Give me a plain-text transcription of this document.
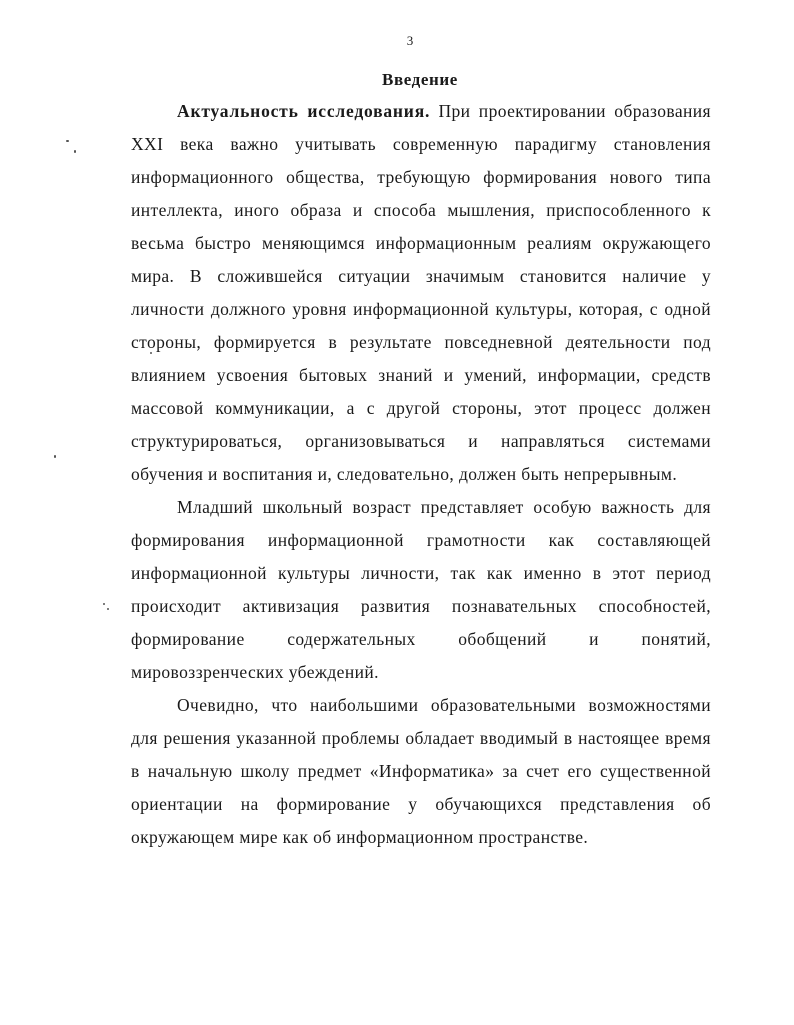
3
Введение

Актуальность исследования. При проектировании образования XXI века важно учитывать современную парадигму становления информационного общества, требующую формирования нового типа интеллекта, иного образа и способа мышления, приспособленного к весьма быстро меняющимся информационным реалиям окружающего мира. В сложившейся ситуации значимым становится наличие у личности должного уровня информационной культуры, которая, с одной стороны, формируется в результате повседневной деятельности под влиянием усвоения бытовых знаний и умений, информации, средств массовой коммуникации, а с другой стороны, этот процесс должен структурироваться, организовываться и направляться системами обучения и воспитания и, следовательно, должен быть непрерывным.

Младший школьный возраст представляет особую важность для формирования информационной грамотности как составляющей информационной культуры личности, так как именно в этот период происходит активизация развития познавательных способностей, формирование содержательных обобщений и понятий, мировоззренческих убеждений.

Очевидно, что наибольшими образовательными возможностями для решения указанной проблемы обладает вводимый в настоящее время в начальную школу предмет «Информатика» за счет его существенной ориентации на формирование у обучающихся представления об окружающем мире как об информационном пространстве.
